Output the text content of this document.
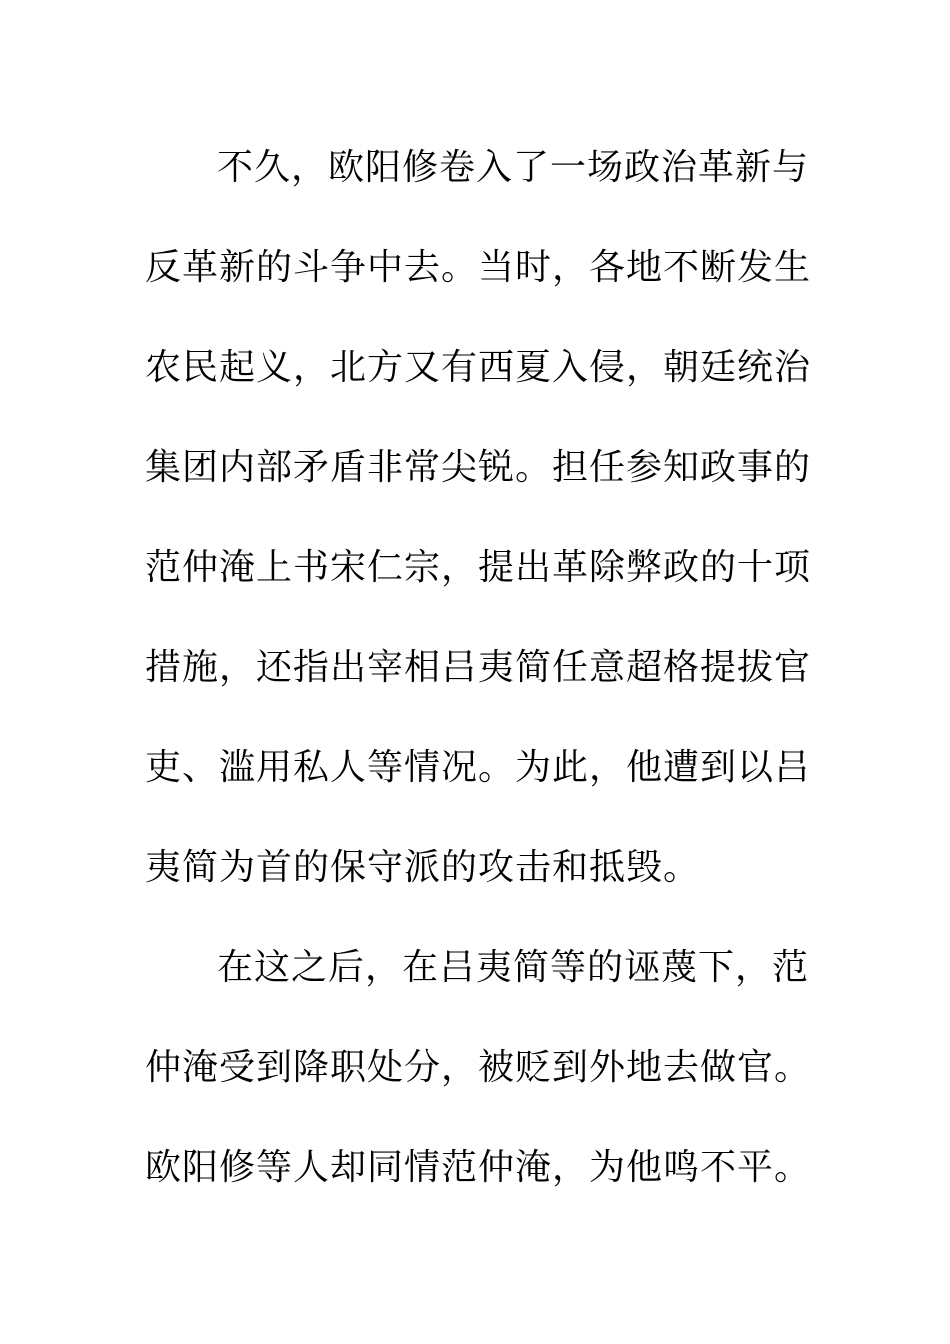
不久，欧阳修卷入了一场政治革新与
反革新的斗争中去。当时，各地不断发生
农民起义，北方又有西夏入侵，朝廷统治
集团内部矛盾非常尖锐。担任参知政事的
范仲淹上书宋仁宗，提出革除弊政的十项
措施，还指出宰相吕夷简任意超格提拔官
吏、滥用私人等情况。为此，他遭到以吕
夷简为首的保守派的攻击和抵毁。
在这之后，在吕夷简等的诬蔑下，范
仲淹受到降职处分，被贬到外地去做官。
欧阳修等人却同情范仲淹，为他鸣不平。
